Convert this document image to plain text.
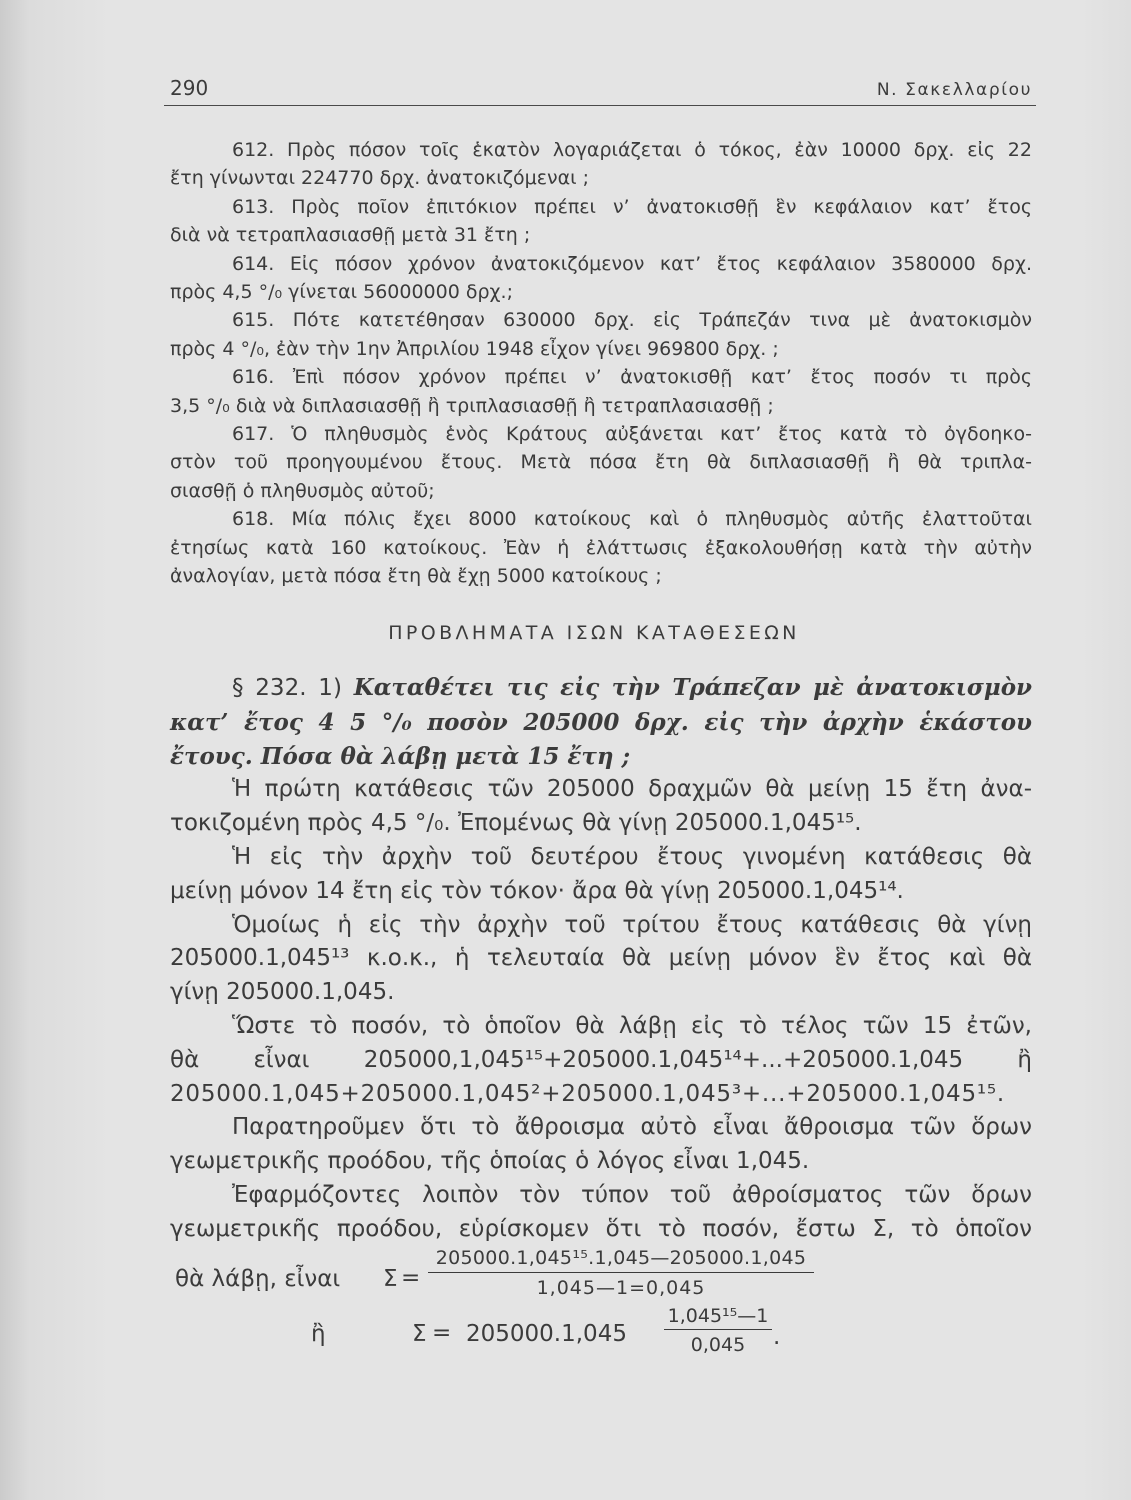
290	Ν. Σακελλαρίου
612. Πρὸς πόσον τοῖς ἑκατὸν λογαριάζεται ὁ τόκος, ἐὰν 10000 δρχ. εἰς 22
ἔτη γίνωνται 224770 δρχ. ἀνατοκιζόμεναι ;
613. Πρὸς ποῖον ἐπιτόκιον πρέπει ν’ ἀνατοκισθῇ ἓν κεφάλαιον κατ’ ἔτος
διὰ νὰ τετραπλασιασθῇ μετὰ 31 ἔτη ;
614. Εἰς πόσον χρόνον ἀνατοκιζόμενον κατ’ ἔτος κεφάλαιον 3580000 δρχ.
πρὸς 4,5 °/₀ γίνεται 56000000 δρχ.;
615. Πότε κατετέθησαν 630000 δρχ. εἰς Τράπεζάν τινα μὲ ἀνατοκισμὸν
πρὸς 4 °/₀, ἐὰν τὴν 1ην Ἀπριλίου 1948 εἶχον γίνει 969800 δρχ. ;
616. Ἐπὶ πόσον χρόνον πρέπει ν’ ἀνατοκισθῇ κατ’ ἔτος ποσόν τι πρὸς
3,5 °/₀ διὰ νὰ διπλασιασθῇ ἢ τριπλασιασθῇ ἢ τετραπλασιασθῇ ;
617. Ὁ πληθυσμὸς ἑνὸς Κράτους αὐξάνεται κατ’ ἔτος κατὰ τὸ ὀγδοηκο-
στὸν τοῦ προηγουμένου ἔτους. Μετὰ πόσα ἔτη θὰ διπλασιασθῇ ἢ θὰ τριπλα-
σιασθῇ ὁ πληθυσμὸς αὐτοῦ;
618. Μία πόλις ἔχει 8000 κατοίκους καὶ ὁ πληθυσμὸς αὐτῆς ἐλαττοῦται
ἐτησίως κατὰ 160 κατοίκους. Ἐὰν ἡ ἐλάττωσις ἐξακολουθήσῃ κατὰ τὴν αὐτὴν
ἀναλογίαν, μετὰ πόσα ἔτη θὰ ἔχῃ 5000 κατοίκους ;
ΠΡΟΒΛΗΜΑΤΑ ΙΣΩΝ ΚΑΤΑΘΕΣΕΩΝ
§ 232. 1) Καταθέτει τις εἰς τὴν Τράπεζαν μὲ ἀνατοκισμὸν
κατ’ ἔτος 4 5 °/₀ ποσὸν 205000 δρχ. εἰς τὴν ἀρχὴν ἑκάστου
ἔτους. Πόσα θὰ λάβῃ μετὰ 15 ἔτη ;
Ἡ πρώτη κατάθεσις τῶν 205000 δραχμῶν θὰ μείνῃ 15 ἔτη ἀνα-
τοκιζομένη πρὸς 4,5 °/₀. Ἐπομένως θὰ γίνῃ 205000.1,045¹⁵.
Ἡ εἰς τὴν ἀρχὴν τοῦ δευτέρου ἔτους γινομένη κατάθεσις θὰ
μείνῃ μόνον 14 ἔτη εἰς τὸν τόκον· ἄρα θὰ γίνῃ 205000.1,045¹⁴.
Ὁμοίως ἡ εἰς τὴν ἀρχὴν τοῦ τρίτου ἔτους κατάθεσις θὰ γίνῃ
205000.1,045¹³ κ.ο.κ., ἡ τελευταία θὰ μείνῃ μόνον ἓν ἔτος καὶ θὰ
γίνῃ 205000.1,045.
Ὥστε τὸ ποσόν, τὸ ὁποῖον θὰ λάβῃ εἰς τὸ τέλος τῶν 15 ἐτῶν,
θὰ εἶναι 205000,1,045¹⁵+205000.1,045¹⁴+...+205000.1,045 ἢ
205000.1,045+205000.1,045²+205000.1,045³+...+205000.1,045¹⁵.
Παρατηροῦμεν ὅτι τὸ ἄθροισμα αὐτὸ εἶναι ἄθροισμα τῶν ὅρων
γεωμετρικῆς προόδου, τῆς ὁποίας ὁ λόγος εἶναι 1,045.
Ἐφαρμόζοντες λοιπὸν τὸν τύπον τοῦ ἀθροίσματος τῶν ὅρων
γεωμετρικῆς προόδου, εὑρίσκομεν ὅτι τὸ ποσόν, ἔστω Σ, τὸ ὁποῖον
θὰ λάβῃ, εἶναι Σ =
205000.1,045¹⁵.1,045—205000.1,045
1,045—1=0,045
ἢ	Σ = 205000.1,045
1,045¹⁵—1
0,045	.
